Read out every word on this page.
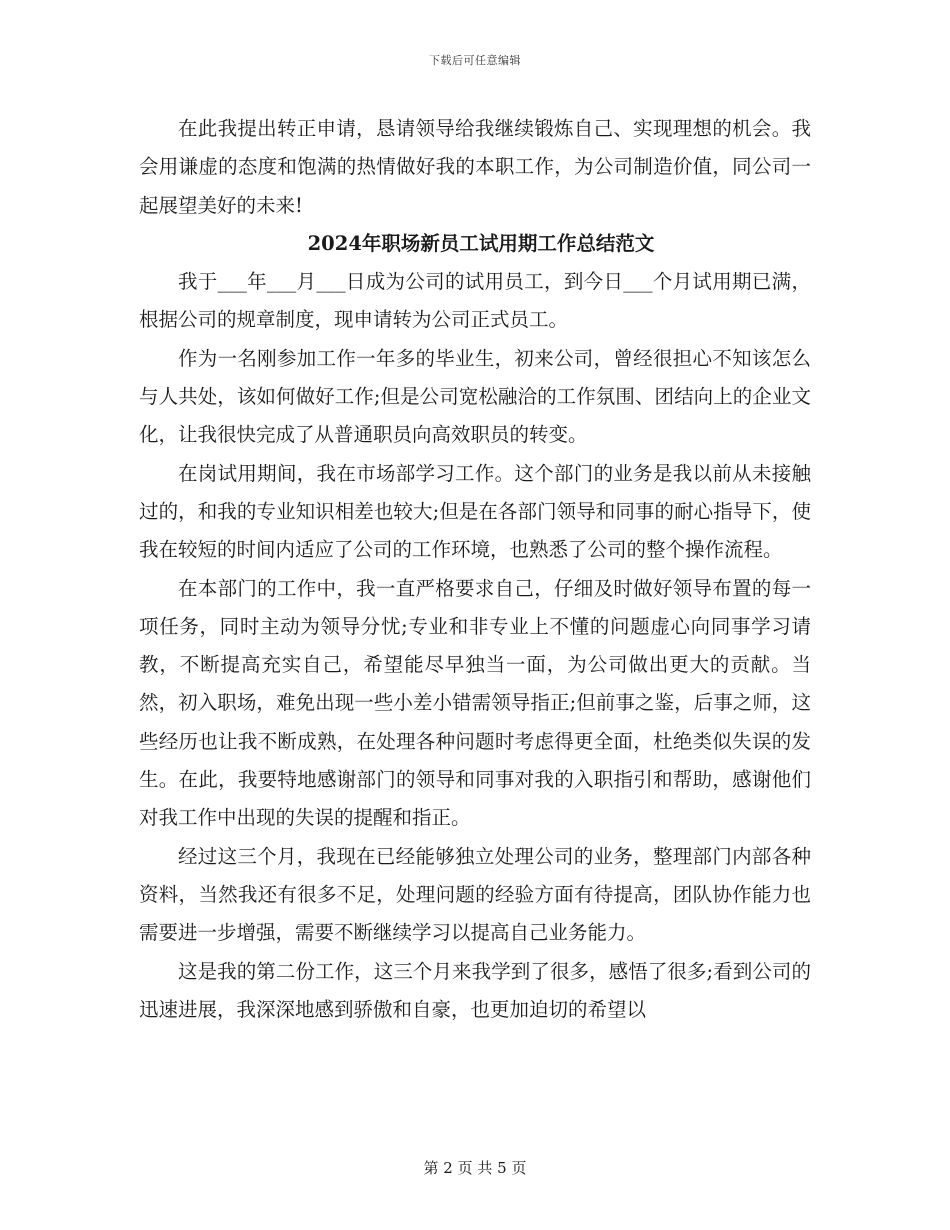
下载后可任意编辑

在此我提出转正申请，恳请领导给我继续锻炼自己、实现理想的机会。我会用谦虚的态度和饱满的热情做好我的本职工作，为公司制造价值，同公司一起展望美好的未来!

2024年职场新员工试用期工作总结范文

我于___年___月___日成为公司的试用员工，到今日___个月试用期已满，根据公司的规章制度，现申请转为公司正式员工。

作为一名刚参加工作一年多的毕业生，初来公司，曾经很担心不知该怎么与人共处，该如何做好工作;但是公司宽松融洽的工作氛围、团结向上的企业文化，让我很快完成了从普通职员向高效职员的转变。

在岗试用期间，我在市场部学习工作。这个部门的业务是我以前从未接触过的，和我的专业知识相差也较大;但是在各部门领导和同事的耐心指导下，使我在较短的时间内适应了公司的工作环境，也熟悉了公司的整个操作流程。

在本部门的工作中，我一直严格要求自己，仔细及时做好领导布置的每一项任务，同时主动为领导分忧;专业和非专业上不懂的问题虚心向同事学习请教，不断提高充实自己，希望能尽早独当一面，为公司做出更大的贡献。当然，初入职场，难免出现一些小差小错需领导指正;但前事之鉴，后事之师，这些经历也让我不断成熟，在处理各种问题时考虑得更全面，杜绝类似失误的发生。在此，我要特地感谢部门的领导和同事对我的入职指引和帮助，感谢他们对我工作中出现的失误的提醒和指正。

经过这三个月，我现在已经能够独立处理公司的业务，整理部门内部各种资料，当然我还有很多不足，处理问题的经验方面有待提高，团队协作能力也需要进一步增强，需要不断继续学习以提高自己业务能力。

这是我的第二份工作，这三个月来我学到了很多，感悟了很多;看到公司的迅速进展，我深深地感到骄傲和自豪，也更加迫切的希望以

第 2 页 共 5 页
